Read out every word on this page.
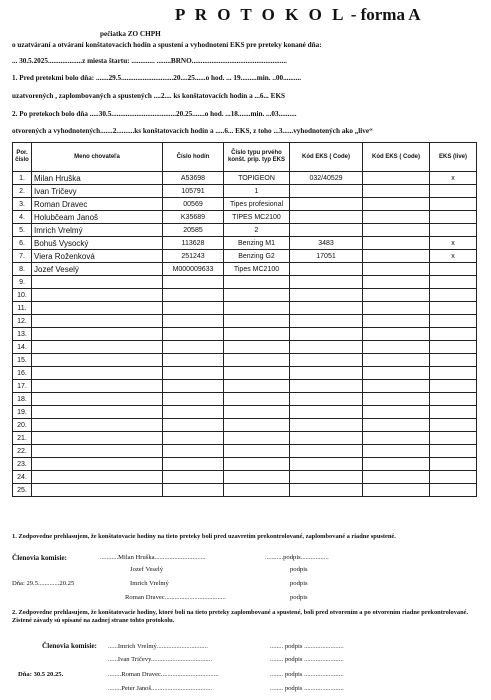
P R O T O K O L - forma A
pečiatka ZO CHPH
o uzatváraní a otváraní konštatovacích hodín a spustení a vyhodnotení EKS pre preteky konané dňa:
... 30.5.2025...................z miesta štartu: ............. ........BRNO.....................................................
1. Pred pretekmi bolo dňa: .......29.5.............................20....25......o hod. ... 19.........min. ..00..........
uzatvorených , zaplombovaných a spustených ....2.... ks konštatovacích hodín a ...6... EKS
2. Po pretekoch bolo dňa .....30.5....................................20.25.......o hod. ...18.......min. ...03..........
otvorených a vyhodnotených.......2..........ks konštatovacích hodín a .....6... EKS, z toho ...3......vyhodnotených ako „live“
Por. číslo	Meno chovateľa	Číslo hodín	Číslo typu prvého konšt. príp. typ EKS	Kód EKS ( Code)	Kód EKS ( Code)	EKS (live)
1.	Milan Hruška	A53698	TOPIGEON	032/40529		x
2.	Ivan Tričevy	105791	1			
3.	Roman Dravec	00569	Tipes profesional			
4.	Holubčeam Janoš	K35689	TIPES MC2100			
5.	Imrich Vrelmý	20585	2			
6.	Bohuš Vysocký	113628	Benzing M1	3483		x
7.	Viera Roženková	251243	Benzing G2	17051		x
8.	Jozef Veselý	M000009633	Tipes MC2100			
9.						
10.						
11.						
12.						
13.						
14.						
15.						
16.						
17.						
18.						
19.						
20.						
21.						
22.						
23.						
24.						
25.						
1. Zodpovedne prehlasujem, že konštatovacie hodiny na tieto preteky boli pred uzavretím prekontrolované, zaplombované a riadne spustené.
Členovia komisie:	...........Milan Hruška...............................	...........podpis.................
Jozef Veselý	podpis
Dňa: 29.5.............20.25	Imrich Vrelmý	podpis
Roman Dravec.....................................	podpis
2. Zodpovedne prehlasujem, že konštatovacie hodiny, ktoré boli na tieto preteky zaplombované a spustené, boli pred otvorením a po otvorením riadne prekontrolované. Zistené závady sú spísané na zadnej strane tohto protokolu.
Členovia komisie: ......Imrich Vrelmý...............................	........ podpis ........................
......Ivan Tričevy.....................................	........ podpis ........................
Dňa: 30.5 20.25.	........Roman Dravec...................................	........ podpis ........................
........Peter Janoš.....................................	........ podpis ........................
